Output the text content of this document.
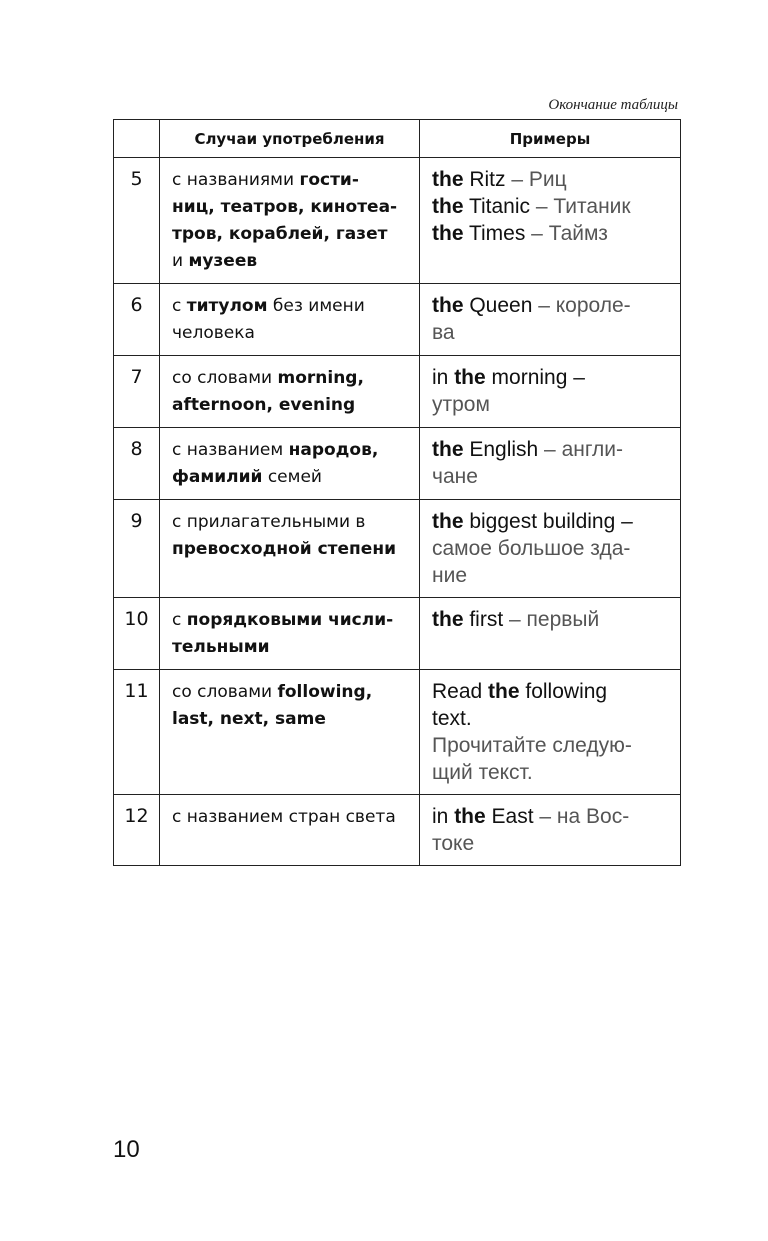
Окончание таблицы
	Случаи употребления	Примеры
5	с названиями гости-
ниц, театров, кинотеа-
тров, кораблей, газет
и музеев	the Ritz – Риц
the Titanic – Титаник
the Times – Таймз

6	с титулом без имени
человека	the Queen – короле-
ва

7	со словами morning,
afternoon, evening	in the morning –
утром

8	с названием народов,
фамилий семей	the English – англи-
чане

9	с прилагательными в
превосходной степени	the biggest building –
самое большое зда-
ние

10	с порядковыми числи-
тельными	the first – первый

11	со словами following,
last, next, same	Read the following
text.
Прочитайте следую-
щий текст.

12	с названием стран света	in the East – на Вос-
токе
10
